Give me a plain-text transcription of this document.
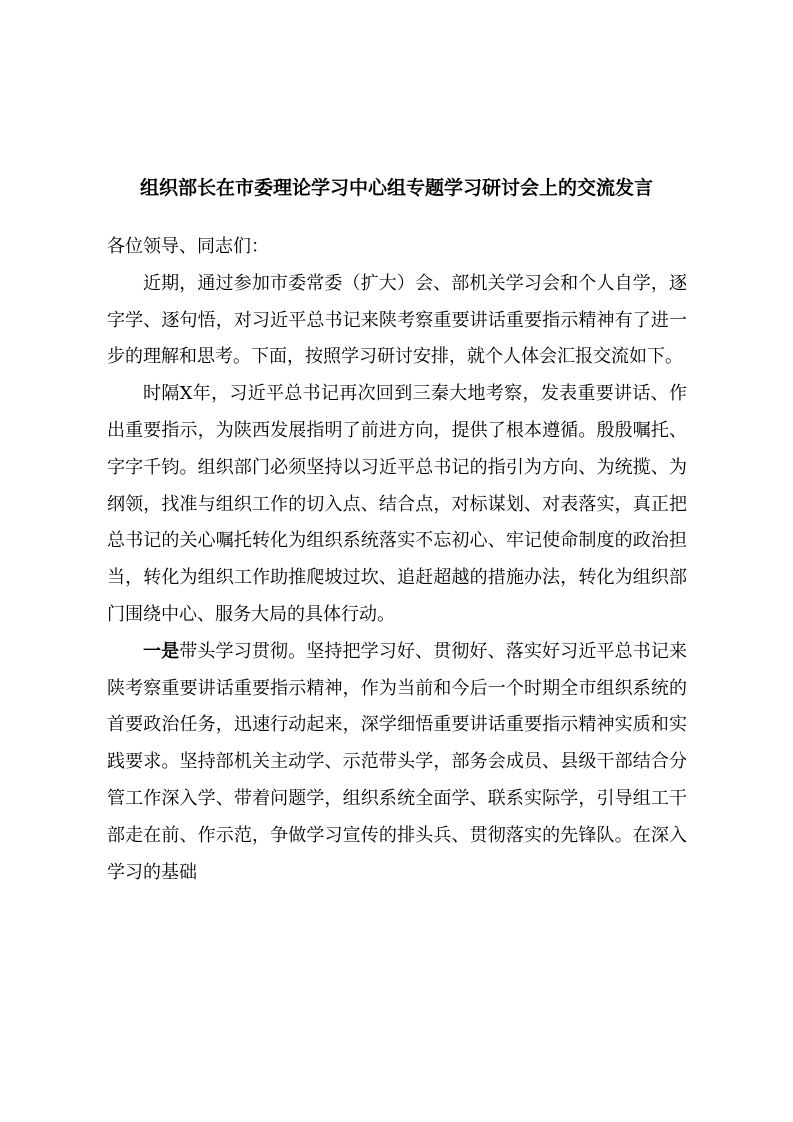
组织部长在市委理论学习中心组专题学习研讨会上的交流发言

各位领导、同志们：

近期，通过参加市委常委（扩大）会、部机关学习会和个人自学，逐字学、逐句悟，对习近平总书记来陕考察重要讲话重要指示精神有了进一步的理解和思考。下面，按照学习研讨安排，就个人体会汇报交流如下。

时隔X年，习近平总书记再次回到三秦大地考察，发表重要讲话、作出重要指示，为陕西发展指明了前进方向，提供了根本遵循。殷殷嘱托、字字千钧。组织部门必须坚持以习近平总书记的指引为方向、为统揽、为纲领，找准与组织工作的切入点、结合点，对标谋划、对表落实，真正把总书记的关心嘱托转化为组织系统落实不忘初心、牢记使命制度的政治担当，转化为组织工作助推爬坡过坎、追赶超越的措施办法，转化为组织部门围绕中心、服务大局的具体行动。

一是带头学习贯彻。坚持把学习好、贯彻好、落实好习近平总书记来陕考察重要讲话重要指示精神，作为当前和今后一个时期全市组织系统的首要政治任务，迅速行动起来，深学细悟重要讲话重要指示精神实质和实践要求。坚持部机关主动学、示范带头学，部务会成员、县级干部结合分管工作深入学、带着问题学，组织系统全面学、联系实际学，引导组工干部走在前、作示范，争做学习宣传的排头兵、贯彻落实的先锋队。在深入学习的基础
